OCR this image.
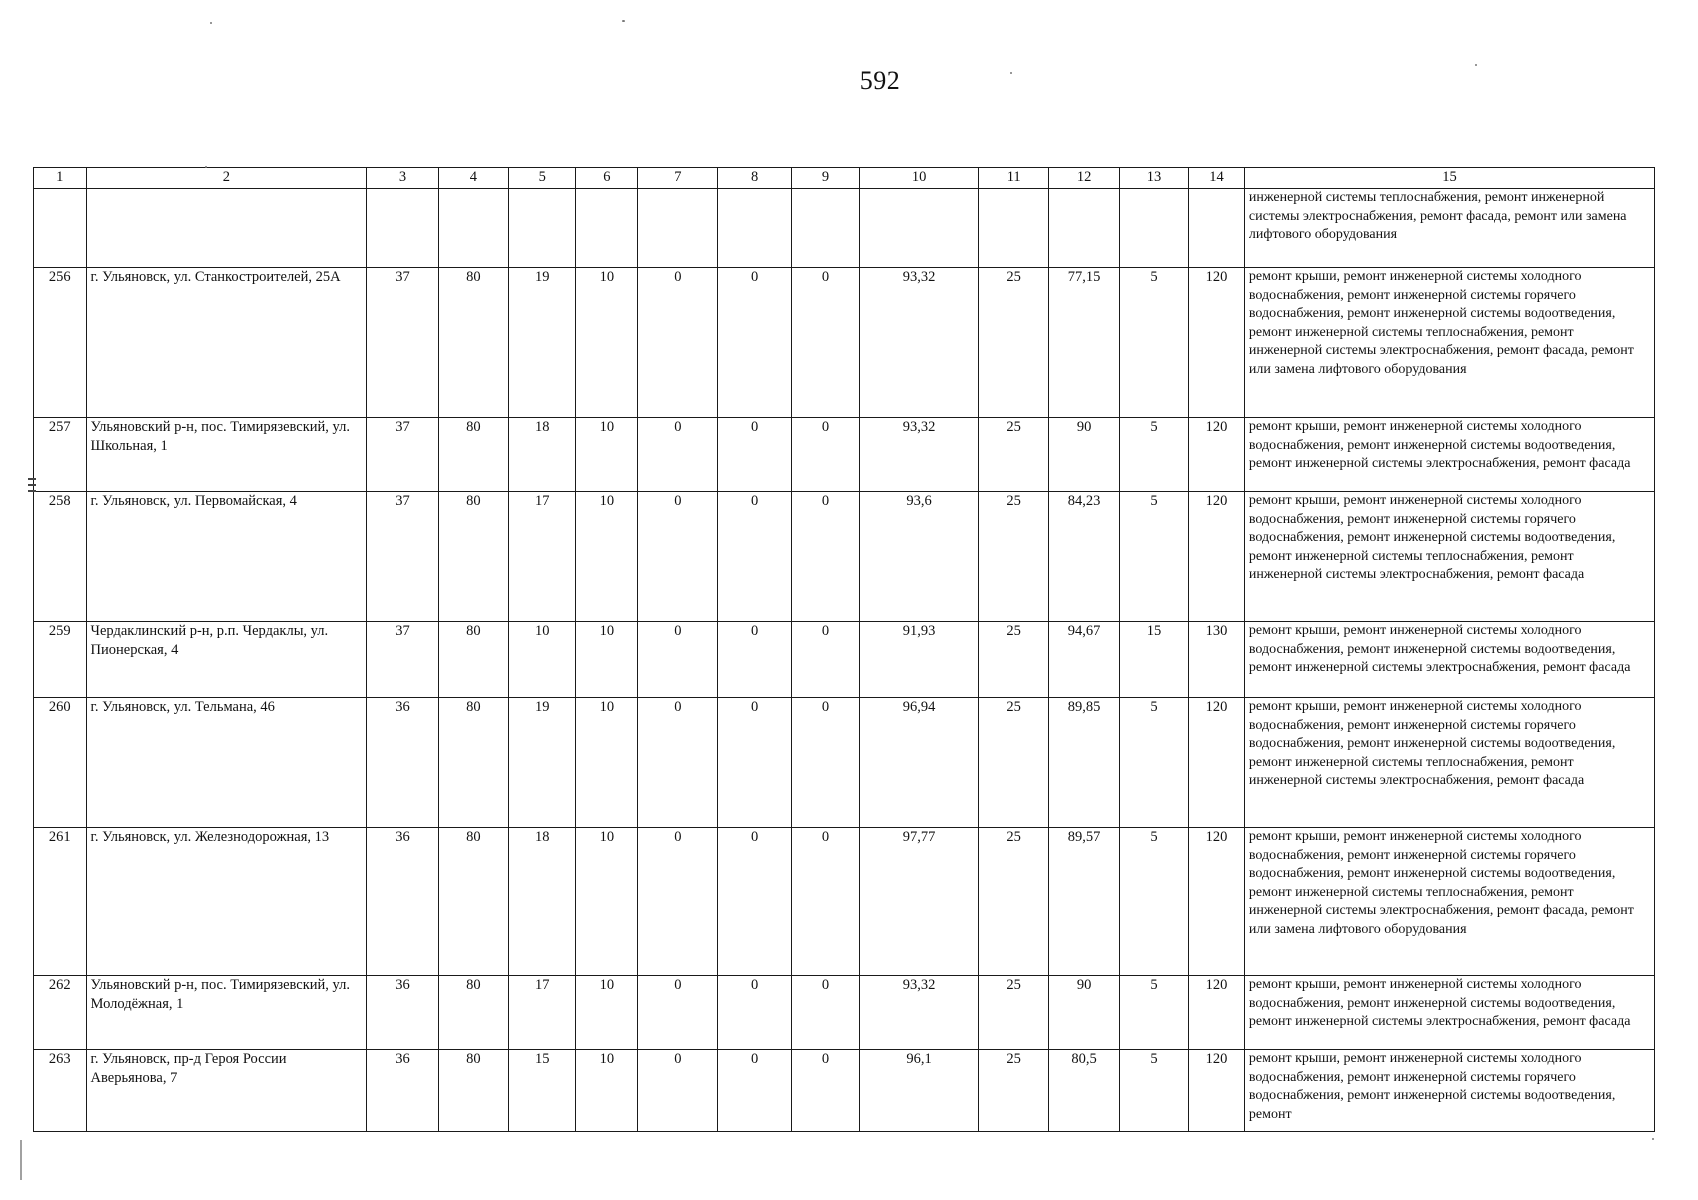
592
1	2	3	4	5	6	7	8	9	10	11	12	13	14	15
														инженерной системы теплоснабжения, ремонт инженерной системы электроснабжения, ремонт фасада, ремонт или замена лифтового оборудования
256	г. Ульяновск, ул. Станкостроителей, 25А	37	80	19	10	0	0	0	93,32	25	77,15	5	120	ремонт крыши, ремонт инженерной системы холодного водоснабжения, ремонт инженерной системы горячего водоснабжения, ремонт инженерной системы водоотведения, ремонт инженерной системы теплоснабжения, ремонт инженерной системы электроснабжения, ремонт фасада, ремонт или замена лифтового оборудования
257	Ульяновский р-н, пос. Тимирязевский, ул. Школьная, 1	37	80	18	10	0	0	0	93,32	25	90	5	120	ремонт крыши, ремонт инженерной системы холодного водоснабжения, ремонт инженерной системы водоотведения, ремонт инженерной системы электроснабжения, ремонт фасада
258	г. Ульяновск, ул. Первомайская, 4	37	80	17	10	0	0	0	93,6	25	84,23	5	120	ремонт крыши, ремонт инженерной системы холодного водоснабжения, ремонт инженерной системы горячего водоснабжения, ремонт инженерной системы водоотведения, ремонт инженерной системы теплоснабжения, ремонт инженерной системы электроснабжения, ремонт фасада
259	Чердаклинский р-н, р.п. Чердаклы, ул. Пионерская, 4	37	80	10	10	0	0	0	91,93	25	94,67	15	130	ремонт крыши, ремонт инженерной системы холодного водоснабжения, ремонт инженерной системы водоотведения, ремонт инженерной системы электроснабжения, ремонт фасада
260	г. Ульяновск, ул. Тельмана, 46	36	80	19	10	0	0	0	96,94	25	89,85	5	120	ремонт крыши, ремонт инженерной системы холодного водоснабжения, ремонт инженерной системы горячего водоснабжения, ремонт инженерной системы водоотведения, ремонт инженерной системы теплоснабжения, ремонт инженерной системы электроснабжения, ремонт фасада
261	г. Ульяновск, ул. Железнодорожная, 13	36	80	18	10	0	0	0	97,77	25	89,57	5	120	ремонт крыши, ремонт инженерной системы холодного водоснабжения, ремонт инженерной системы горячего водоснабжения, ремонт инженерной системы водоотведения, ремонт инженерной системы теплоснабжения, ремонт инженерной системы электроснабжения, ремонт фасада, ремонт или замена лифтового оборудования
262	Ульяновский р-н, пос. Тимирязевский, ул. Молодёжная, 1	36	80	17	10	0	0	0	93,32	25	90	5	120	ремонт крыши, ремонт инженерной системы холодного водоснабжения, ремонт инженерной системы водоотведения, ремонт инженерной системы электроснабжения, ремонт фасада
263	г. Ульяновск, пр-д Героя России Аверьянова, 7	36	80	15	10	0	0	0	96,1	25	80,5	5	120	ремонт крыши, ремонт инженерной системы холодного водоснабжения, ремонт инженерной системы горячего водоснабжения, ремонт инженерной системы водоотведения, ремонт
